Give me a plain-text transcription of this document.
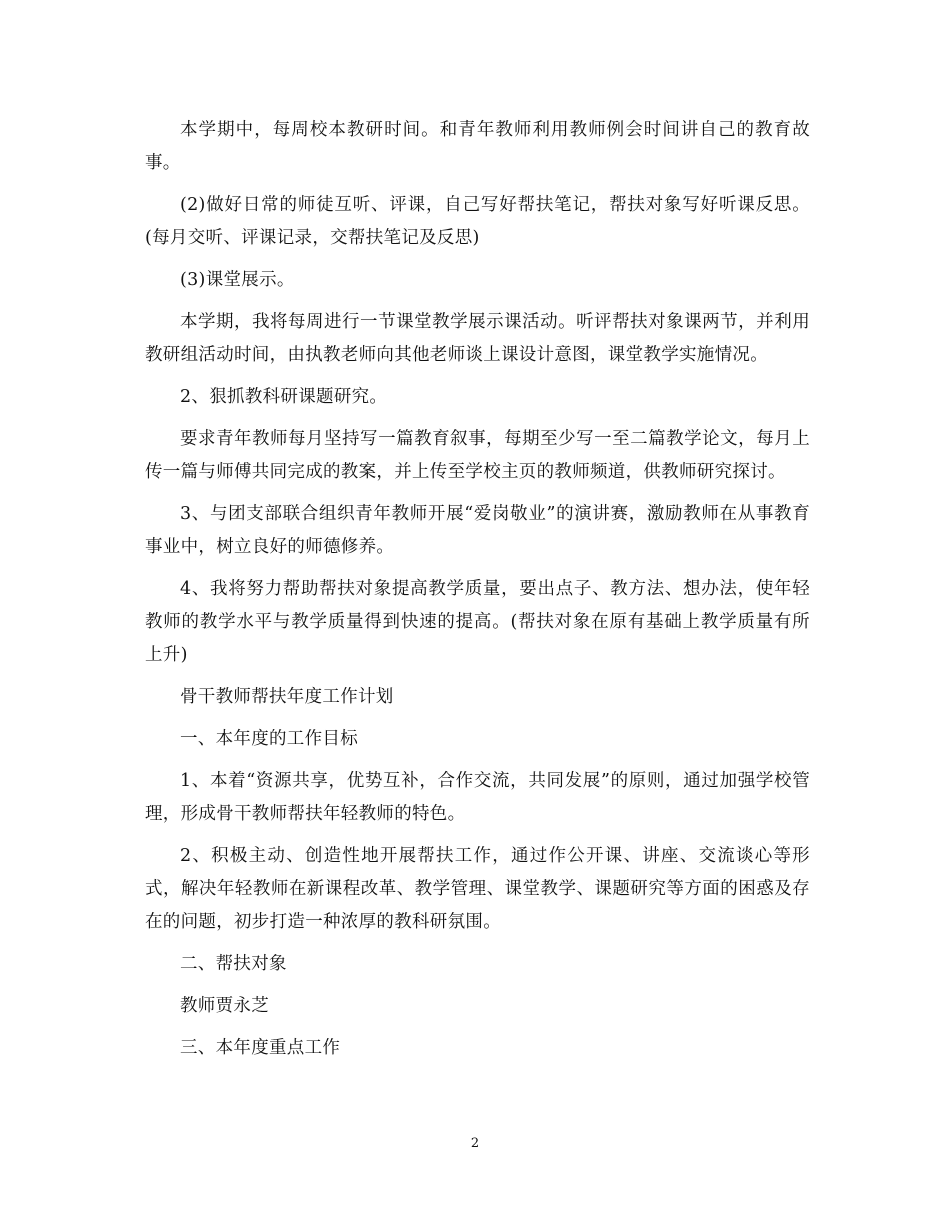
本学期中，每周校本教研时间。和青年教师利用教师例会时间讲自己的教育故事。

(2)做好日常的师徒互听、评课，自己写好帮扶笔记，帮扶对象写好听课反思。(每月交听、评课记录，交帮扶笔记及反思)

(3)课堂展示。

本学期，我将每周进行一节课堂教学展示课活动。听评帮扶对象课两节，并利用教研组活动时间，由执教老师向其他老师谈上课设计意图，课堂教学实施情况。

2、狠抓教科研课题研究。

要求青年教师每月坚持写一篇教育叙事，每期至少写一至二篇教学论文，每月上传一篇与师傅共同完成的教案，并上传至学校主页的教师频道，供教师研究探讨。

3、与团支部联合组织青年教师开展“爱岗敬业”的演讲赛，激励教师在从事教育事业中，树立良好的师德修养。

4、我将努力帮助帮扶对象提高教学质量，要出点子、教方法、想办法，使年轻教师的教学水平与教学质量得到快速的提高。(帮扶对象在原有基础上教学质量有所上升)

骨干教师帮扶年度工作计划

一、本年度的工作目标

1、本着“资源共享，优势互补，合作交流，共同发展”的原则，通过加强学校管理，形成骨干教师帮扶年轻教师的特色。

2、积极主动、创造性地开展帮扶工作，通过作公开课、讲座、交流谈心等形式，解决年轻教师在新课程改革、教学管理、课堂教学、课题研究等方面的困惑及存在的问题，初步打造一种浓厚的教科研氛围。

二、帮扶对象

教师贾永芝

三、本年度重点工作

2
